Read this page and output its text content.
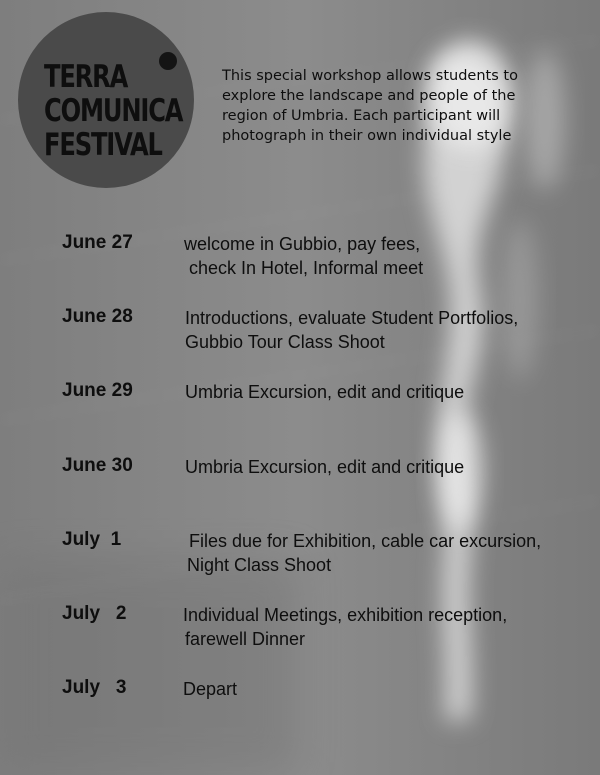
TERRA
COMUNICA
FESTIVAL
This special workshop allows students to explore the landscape and people of the region of Umbria. Each participant will photograph in their own individual style
June 27	welcome in Gubbio, pay fees,
check In Hotel, Informal meet
June 28	Introductions, evaluate Student Portfolios,
Gubbio Tour Class Shoot
June 29	Umbria Excursion, edit and critique
June 30	Umbria Excursion, edit and critique
July  1	Files due for Exhibition, cable car excursion,
Night Class Shoot
July   2	Individual Meetings, exhibition reception,
farewell Dinner
July   3	Depart
